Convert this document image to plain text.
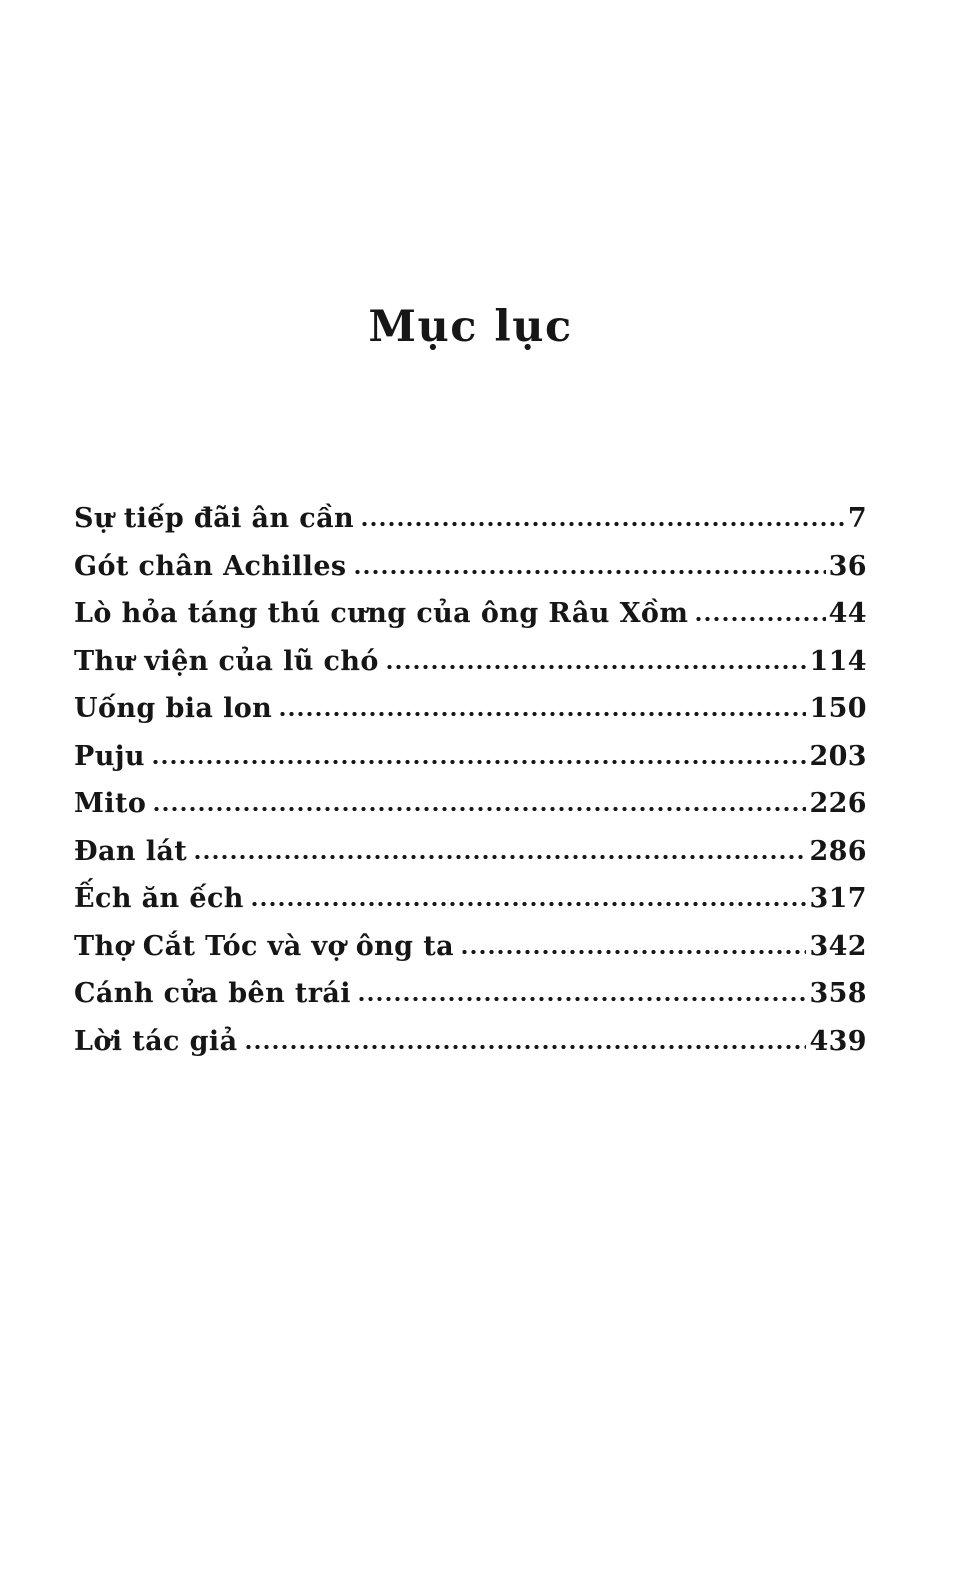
Mục lục
Sự tiếp đãi ân cần	7
Gót chân Achilles	36
Lò hỏa táng thú cưng của ông Râu Xồm	44
Thư viện của lũ chó	114
Uống bia lon	150
Puju	203
Mito	226
Đan lát	286
Ếch ăn ếch	317
Thợ Cắt Tóc và vợ ông ta	342
Cánh cửa bên trái	358
Lời tác giả	439
